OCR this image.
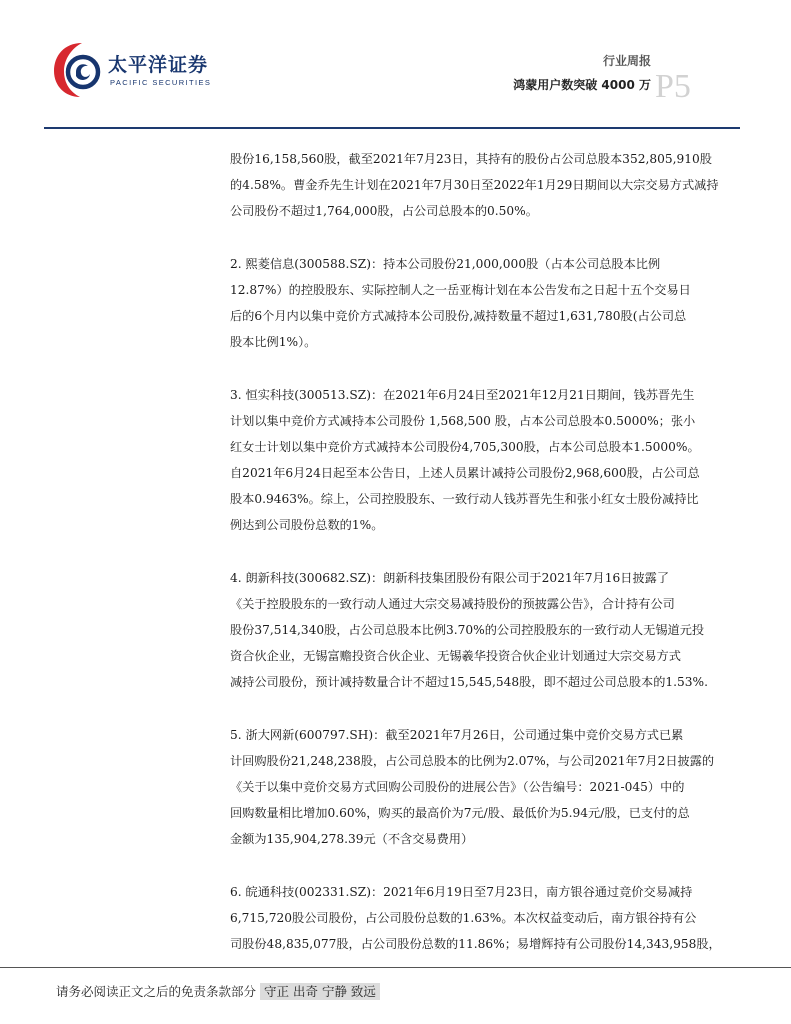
太平洋证券
PACIFIC SECURITIES
行业周报
鸿蒙用户数突破 4000 万 P5
股份16,158,560股，截至2021年7月23日，其持有的股份占公司总股本352,805,910股
的4.58%。曹金乔先生计划在2021年7月30日至2022年1月29日期间以大宗交易方式减持
公司股份不超过1,764,000股，占公司总股本的0.50%。
2. 熙菱信息(300588.SZ)：持本公司股份21,000,000股（占本公司总股本比例
12.87%）的控股股东、实际控制人之一岳亚梅计划在本公告发布之日起十五个交易日
后的6个月内以集中竞价方式减持本公司股份,减持数量不超过1,631,780股(占公司总
股本比例1%）。
3. 恒实科技(300513.SZ)：在2021年6月24日至2021年12月21日期间，钱苏晋先生
计划以集中竞价方式减持本公司股份 1,568,500 股，占本公司总股本0.5000%；张小
红女士计划以集中竞价方式减持本公司股份4,705,300股，占本公司总股本1.5000%。
自2021年6月24日起至本公告日，上述人员累计减持公司股份2,968,600股，占公司总
股本0.9463%。综上，公司控股股东、一致行动人钱苏晋先生和张小红女士股份减持比
例达到公司股份总数的1%。
4. 朗新科技(300682.SZ)：朗新科技集团股份有限公司于2021年7月16日披露了
《关于控股股东的一致行动人通过大宗交易减持股份的预披露公告》，合计持有公司
股份37,514,340股，占公司总股本比例3.70%的公司控股股东的一致行动人无锡道元投
资合伙企业，无锡富赡投资合伙企业、无锡羲华投资合伙企业计划通过大宗交易方式
减持公司股份，预计减持数量合计不超过15,545,548股，即不超过公司总股本的1.53%.
5. 浙大网新(600797.SH)：截至2021年7月26日，公司通过集中竞价交易方式已累
计回购股份21,248,238股，占公司总股本的比例为2.07%，与公司2021年7月2日披露的
《关于以集中竞价交易方式回购公司股份的进展公告》（公告编号：2021-045）中的
回购数量相比增加0.60%，购买的最高价为7元/股、最低价为5.94元/股，已支付的总
金额为135,904,278.39元（不含交易费用）
6. 皖通科技(002331.SZ)：2021年6月19日至7月23日，南方银谷通过竞价交易减持
6,715,720股公司股份，占公司股份总数的1.63%。本次权益变动后，南方银谷持有公
司股份48,835,077股，占公司股份总数的11.86%；易增辉持有公司股份14,343,958股，
请务必阅读正文之后的免责条款部分 守正 出奇 宁静 致远
